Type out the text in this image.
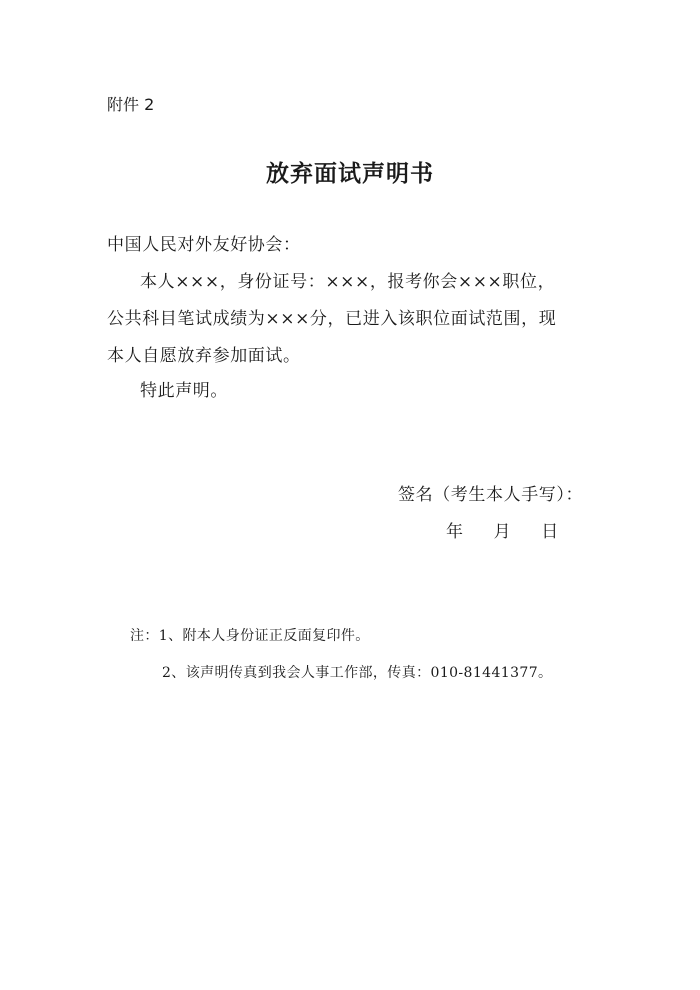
附件 2
放弃面试声明书
中国人民对外友好协会：
本人×××，身份证号：×××，报考你会×××职位，
公共科目笔试成绩为×××分，已进入该职位面试范围，现
本人自愿放弃参加面试。
特此声明。
签名（考生本人手写）：
年 月 日
注：1、附本人身份证正反面复印件。
2、该声明传真到我会人事工作部，传真：010-81441377。
